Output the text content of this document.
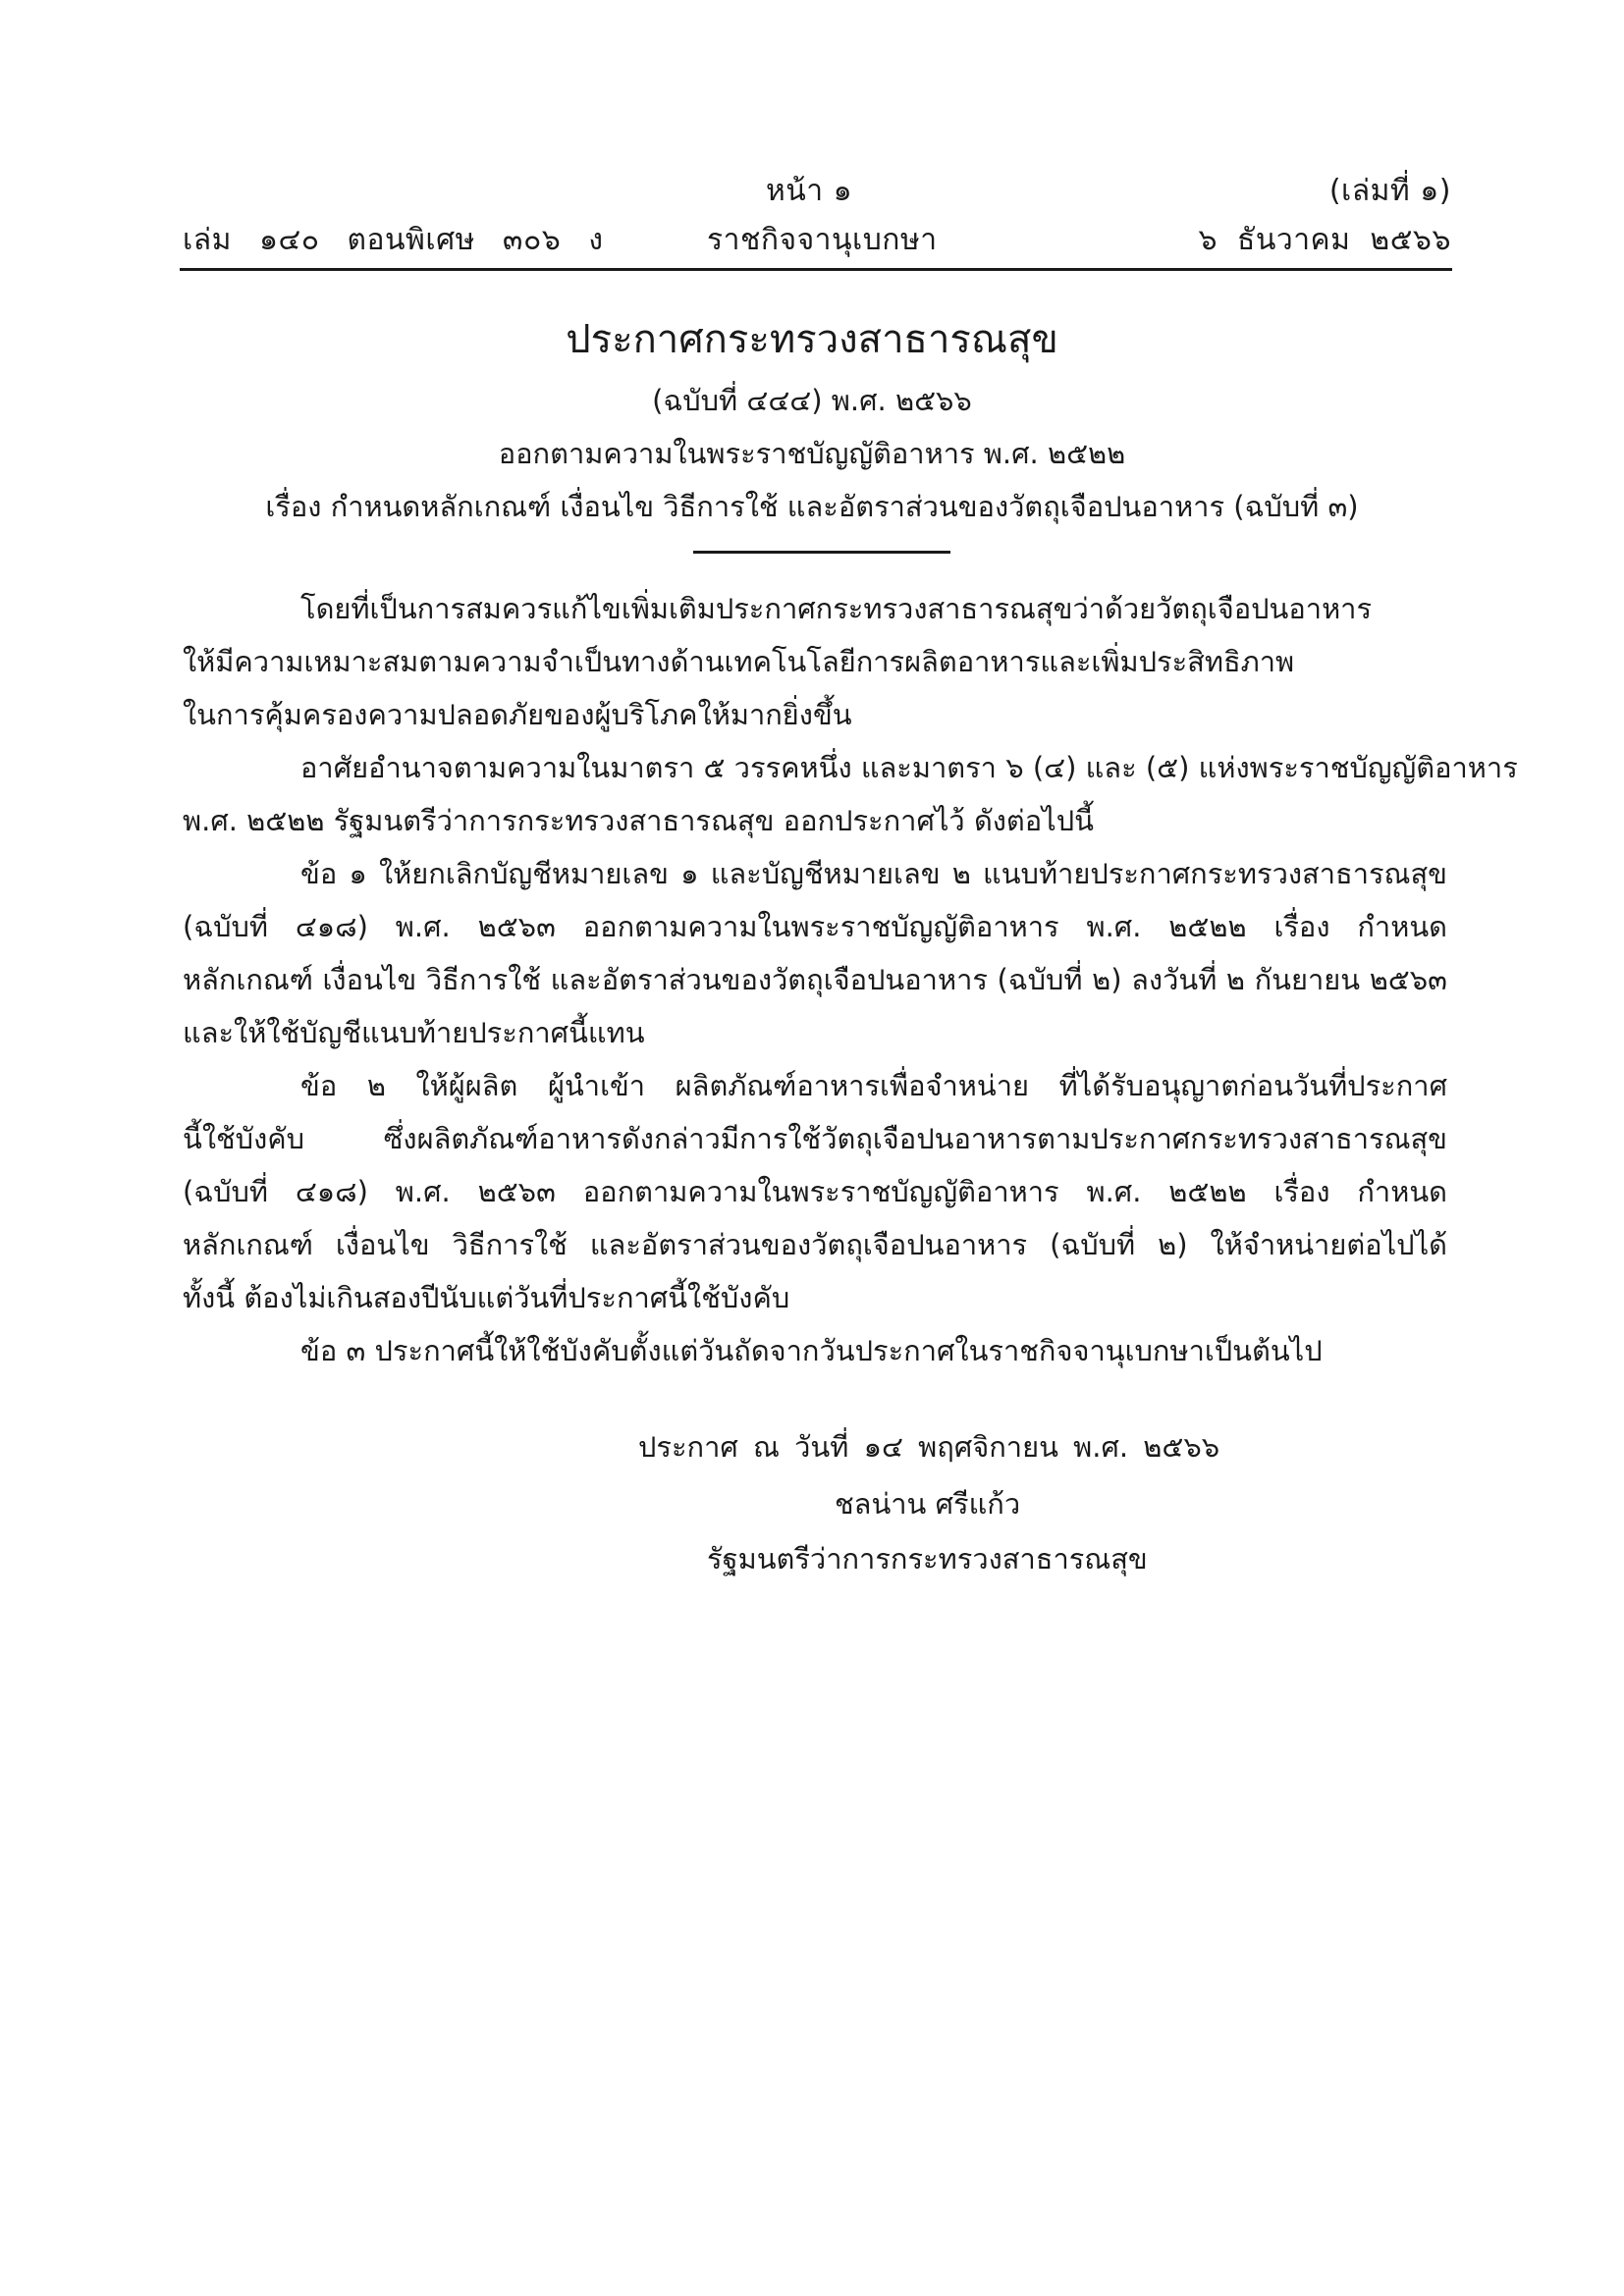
หน้า ๑	(เล่มที่ ๑)
เล่ม ๑๔๐ ตอนพิเศษ ๓๐๖ ง	ราชกิจจานุเบกษา	๖ ธันวาคม ๒๕๖๖
ประกาศกระทรวงสาธารณสุข
(ฉบับที่ ๔๔๔) พ.ศ. ๒๕๖๖
ออกตามความในพระราชบัญญัติอาหาร พ.ศ. ๒๕๒๒
เรื่อง กำหนดหลักเกณฑ์ เงื่อนไข วิธีการใช้ และอัตราส่วนของวัตถุเจือปนอาหาร (ฉบับที่ ๓)
โดยที่เป็นการสมควรแก้ไขเพิ่มเติมประกาศกระทรวงสาธารณสุขว่าด้วยวัตถุเจือปนอาหาร
ให้มีความเหมาะสมตามความจำเป็นทางด้านเทคโนโลยีการผลิตอาหารและเพิ่มประสิทธิภาพ
ในการคุ้มครองความปลอดภัยของผู้บริโภคให้มากยิ่งขึ้น
อาศัยอำนาจตามความในมาตรา ๕ วรรคหนึ่ง และมาตรา ๖ (๔) และ (๕) แห่งพระราชบัญญัติอาหาร
พ.ศ. ๒๕๒๒ รัฐมนตรีว่าการกระทรวงสาธารณสุข ออกประกาศไว้ ดังต่อไปนี้
ข้อ ๑ ให้ยกเลิกบัญชีหมายเลข ๑ และบัญชีหมายเลข ๒ แนบท้ายประกาศกระทรวงสาธารณสุข
(ฉบับที่ ๔๑๘) พ.ศ. ๒๕๖๓ ออกตามความในพระราชบัญญัติอาหาร พ.ศ. ๒๕๒๒ เรื่อง กำหนด
หลักเกณฑ์ เงื่อนไข วิธีการใช้ และอัตราส่วนของวัตถุเจือปนอาหาร (ฉบับที่ ๒) ลงวันที่ ๒ กันยายน ๒๕๖๓
และให้ใช้บัญชีแนบท้ายประกาศนี้แทน
ข้อ ๒ ให้ผู้ผลิต ผู้นำเข้า ผลิตภัณฑ์อาหารเพื่อจำหน่าย ที่ได้รับอนุญาตก่อนวันที่ประกาศ
นี้ใช้บังคับ ซึ่งผลิตภัณฑ์อาหารดังกล่าวมีการใช้วัตถุเจือปนอาหารตามประกาศกระทรวงสาธารณสุข
(ฉบับที่ ๔๑๘) พ.ศ. ๒๕๖๓ ออกตามความในพระราชบัญญัติอาหาร พ.ศ. ๒๕๒๒ เรื่อง กำหนด
หลักเกณฑ์ เงื่อนไข วิธีการใช้ และอัตราส่วนของวัตถุเจือปนอาหาร (ฉบับที่ ๒) ให้จำหน่ายต่อไปได้
ทั้งนี้ ต้องไม่เกินสองปีนับแต่วันที่ประกาศนี้ใช้บังคับ
ข้อ ๓ ประกาศนี้ให้ใช้บังคับตั้งแต่วันถัดจากวันประกาศในราชกิจจานุเบกษาเป็นต้นไป
ประกาศ ณ วันที่ ๑๔ พฤศจิกายน พ.ศ. ๒๕๖๖
ชลน่าน ศรีแก้ว
รัฐมนตรีว่าการกระทรวงสาธารณสุข
